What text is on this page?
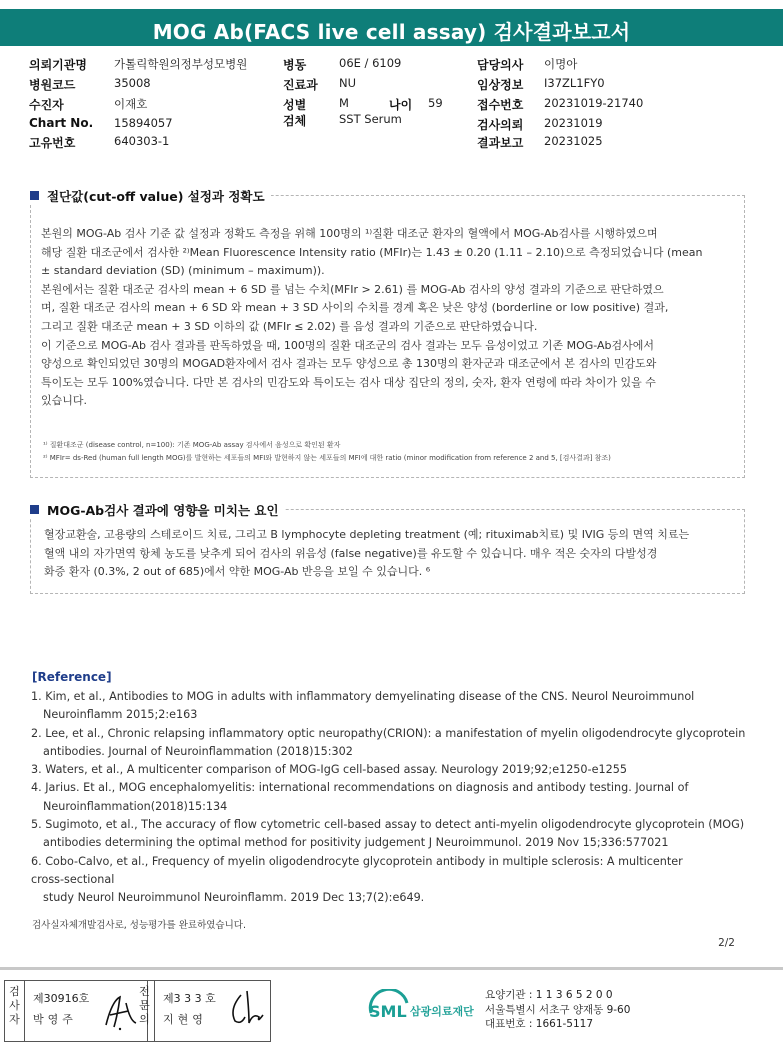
MOG Ab(FACS live cell assay) 검사결과보고서
의뢰기관명 가톨릭학원의정부성모병원	병동	06E / 6109	담당의사 이명아
병원코드	35008	진료과 NU	임상정보 I37ZL1FY0
수진자	이재호	성별	M	나이 59	접수번호 20231019-21740
Chart No. 15894057	검체	SST Serum	검사의뢰 20231019
고유번호	640303-1	결과보고 20231025
절단값(cut-off value) 설정과 정확도

본원의 MOG-Ab 검사 기준 값 설정과 정확도 측정을 위해 100명의 ¹⁾질환 대조군 환자의 혈액에서 MOG-Ab검사를 시행하였으며

해당 질환 대조군에서 검사한 ²⁾Mean Fluorescence Intensity ratio (MFIr)는 1.43 ± 0.20 (1.11 – 2.10)으로 측정되었습니다 (mean

± standard deviation (SD) (minimum – maximum)).

본원에서는 질환 대조군 검사의 mean + 6 SD 를 넘는 수치(MFIr > 2.61) 를 MOG-Ab 검사의 양성 결과의 기준으로 판단하였으

며, 질환 대조군 검사의 mean + 6 SD 와 mean + 3 SD 사이의 수치를 경계 혹은 낮은 양성 (borderline or low positive) 결과,

그리고 질환 대조군 mean + 3 SD 이하의 값 (MFIr ≤ 2.02) 를 음성 결과의 기준으로 판단하였습니다.

이 기준으로 MOG-Ab 검사 결과를 판독하였을 때, 100명의 질환 대조군의 검사 결과는 모두 음성이었고 기존 MOG-Ab검사에서

양성으로 확인되었던 30명의 MOGAD환자에서 검사 결과는 모두 양성으로 총 130명의 환자군과 대조군에서 본 검사의 민감도와

특이도는 모두 100%였습니다. 다만 본 검사의 민감도와 특이도는 검사 대상 집단의 정의, 숫자, 환자 연령에 따라 차이가 있을 수

있습니다.

¹⁾ 질환대조군 (disease control, n=100): 기존 MOG-Ab assay 검사에서 음성으로 확인된 환자

²⁾ MFIr= ds-Red (human full length MOG)를 발현하는 세포들의 MFI와 발현하지 않는 세포들의 MFI에 대한 ratio (minor modification from reference 2 and 5, [검사결과] 참조)

MOG-Ab검사 결과에 영향을 미치는 요인

혈장교환술, 고용량의 스테로이드 치료, 그리고 B lymphocyte depleting treatment (예; rituximab치료) 및 IVIG 등의 면역 치료는

혈액 내의 자가면역 항체 농도를 낮추게 되어 검사의 위음성 (false negative)를 유도할 수 있습니다. 매우 적은 숫자의 다발성경

화증 환자 (0.3%, 2 out of 685)에서 약한 MOG-Ab 반응을 보일 수 있습니다. ⁶

[Reference]

1. Kim, et al., Antibodies to MOG in adults with inflammatory demyelinating disease of the CNS. Neurol Neuroimmunol

Neuroinflamm 2015;2:e163

2. Lee, et al., Chronic relapsing inflammatory optic neuropathy(CRION): a manifestation of myelin oligodendrocyte glycoprotein

antibodies. Journal of Neuroinflammation (2018)15:302

3. Waters, et al., A multicenter comparison of MOG-IgG cell-based assay. Neurology 2019;92;e1250-e1255

4. Jarius. Et al., MOG encephalomyelitis: international recommendations on diagnosis and antibody testing. Journal of

Neuroinflammation(2018)15:134

5. Sugimoto, et al., The accuracy of flow cytometric cell-based assay to detect anti-myelin oligodendrocyte glycoprotein (MOG)

antibodies determining the optimal method for positivity judgement J Neuroimmunol. 2019 Nov 15;336:577021

6. Cobo-Calvo, et al., Frequency of myelin oligodendrocyte glycoprotein antibody in multiple sclerosis: A multicenter

cross-sectional

study Neurol Neuroimmunol Neuroinflamm. 2019 Dec 13;7(2):e649.

검사실자체개발검사로, 성능평가를 완료하였습니다.
2/2
검사자
제30916호
박영주
전문의
제3 3 3 호
지현영	SML 삼광의료재단

요양기관 : 1 1 3 6 5 2 0 0

서울특별시 서초구 양재동 9-60

대표번호 : 1661-5117
